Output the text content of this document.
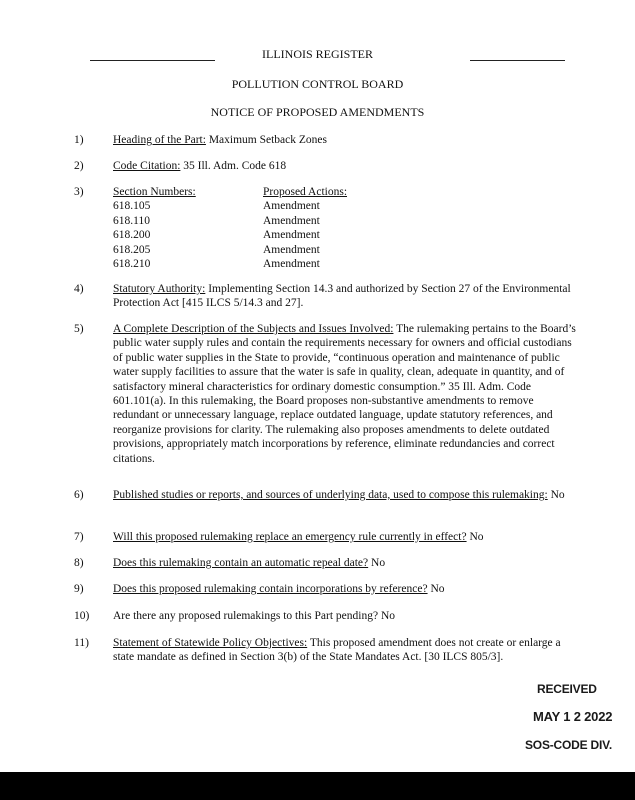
ILLINOIS REGISTER
POLLUTION CONTROL BOARD
NOTICE OF PROPOSED AMENDMENTS
1)	Heading of the Part: Maximum Setback Zones
2)	Code Citation: 35 Ill. Adm. Code 618
3)	Section Numbers:	Proposed Actions:
618.105	Amendment
618.110	Amendment
618.200	Amendment
618.205	Amendment
618.210	Amendment
4)	Statutory Authority: Implementing Section 14.3 and authorized by Section 27 of the Environmental Protection Act [415 ILCS 5/14.3 and 27].
5)	A Complete Description of the Subjects and Issues Involved: The rulemaking pertains to the Board’s public water supply rules and contain the requirements necessary for owners and official custodians of public water supplies in the State to provide, “continuous operation and maintenance of public water supply facilities to assure that the water is safe in quality, clean, adequate in quantity, and of satisfactory mineral characteristics for ordinary domestic consumption.” 35 Ill. Adm. Code 601.101(a). In this rulemaking, the Board proposes non-substantive amendments to remove redundant or unnecessary language, replace outdated language, update statutory references, and reorganize provisions for clarity. The rulemaking also proposes amendments to delete outdated provisions, appropriately match incorporations by reference, eliminate redundancies and correct citations.
6)	Published studies or reports, and sources of underlying data, used to compose this rulemaking: No
7)	Will this proposed rulemaking replace an emergency rule currently in effect? No
8)	Does this rulemaking contain an automatic repeal date? No
9)	Does this proposed rulemaking contain incorporations by reference? No
10)	Are there any proposed rulemakings to this Part pending? No
11)	Statement of Statewide Policy Objectives: This proposed amendment does not create or enlarge a state mandate as defined in Section 3(b) of the State Mandates Act. [30 ILCS 805/3].
RECEIVED
MAY 1 2 2022
SOS-CODE DIV.
